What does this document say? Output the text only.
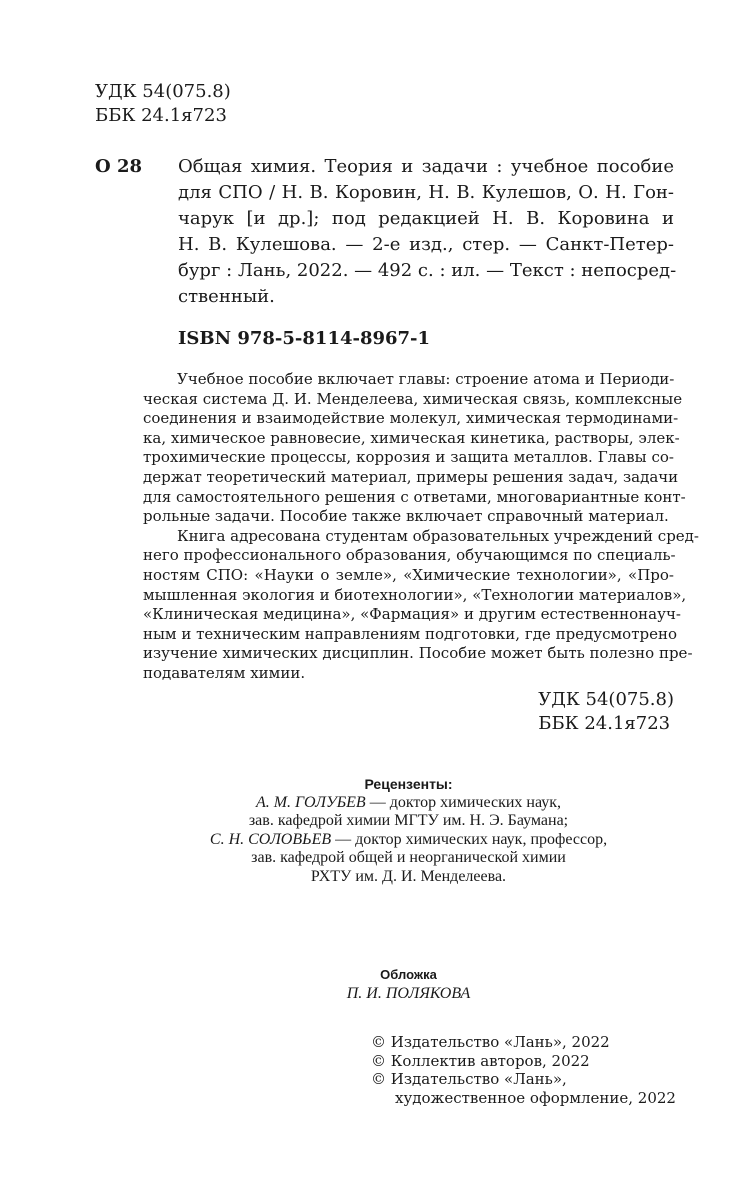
УДК 54(075.8)
ББК 24.1я723
О 28 Общая химия. Теория и задачи : учебное пособие
для СПО / Н. В. Коровин, Н. В. Кулешов, О. Н. Гон-
чарук [и др.]; под редакцией Н. В. Коровина и
Н. В. Кулешова. — 2-е изд., стер. — Санкт-Петер-
бург : Лань, 2022. — 492 с. : ил. — Текст : непосред-
ственный.
ISBN 978-5-8114-8967-1
Учебное пособие включает главы: строение атома и Периоди-
ческая система Д. И. Менделеева, химическая связь, комплексные
соединения и взаимодействие молекул, химическая термодинами-
ка, химическое равновесие, химическая кинетика, растворы, элек-
трохимические процессы, коррозия и защита металлов. Главы со-
держат теоретический материал, примеры решения задач, задачи
для самостоятельного решения с ответами, многовариантные конт-
рольные задачи. Пособие также включает справочный материал.
Книга адресована студентам образовательных учреждений сред-
него профессионального образования, обучающимся по специаль-
ностям СПО: «Науки о земле», «Химические технологии», «Про-
мышленная экология и биотехнологии», «Технологии материалов»,
«Клиническая медицина», «Фармация» и другим естественнонауч-
ным и техническим направлениям подготовки, где предусмотрено
изучение химических дисциплин. Пособие может быть полезно пре-
подавателям химии.
УДК 54(075.8)
ББК 24.1я723
Рецензенты:
А. М. ГОЛУБЕВ — доктор химических наук,
зав. кафедрой химии МГТУ им. Н. Э. Баумана;
С. Н. СОЛОВЬЕВ — доктор химических наук, профессор,
зав. кафедрой общей и неорганической химии
РХТУ им. Д. И. Менделеева.
Обложка
П. И. ПОЛЯКОВА
© Издательство «Лань», 2022
© Коллектив авторов, 2022
© Издательство «Лань»,
художественное оформление, 2022
